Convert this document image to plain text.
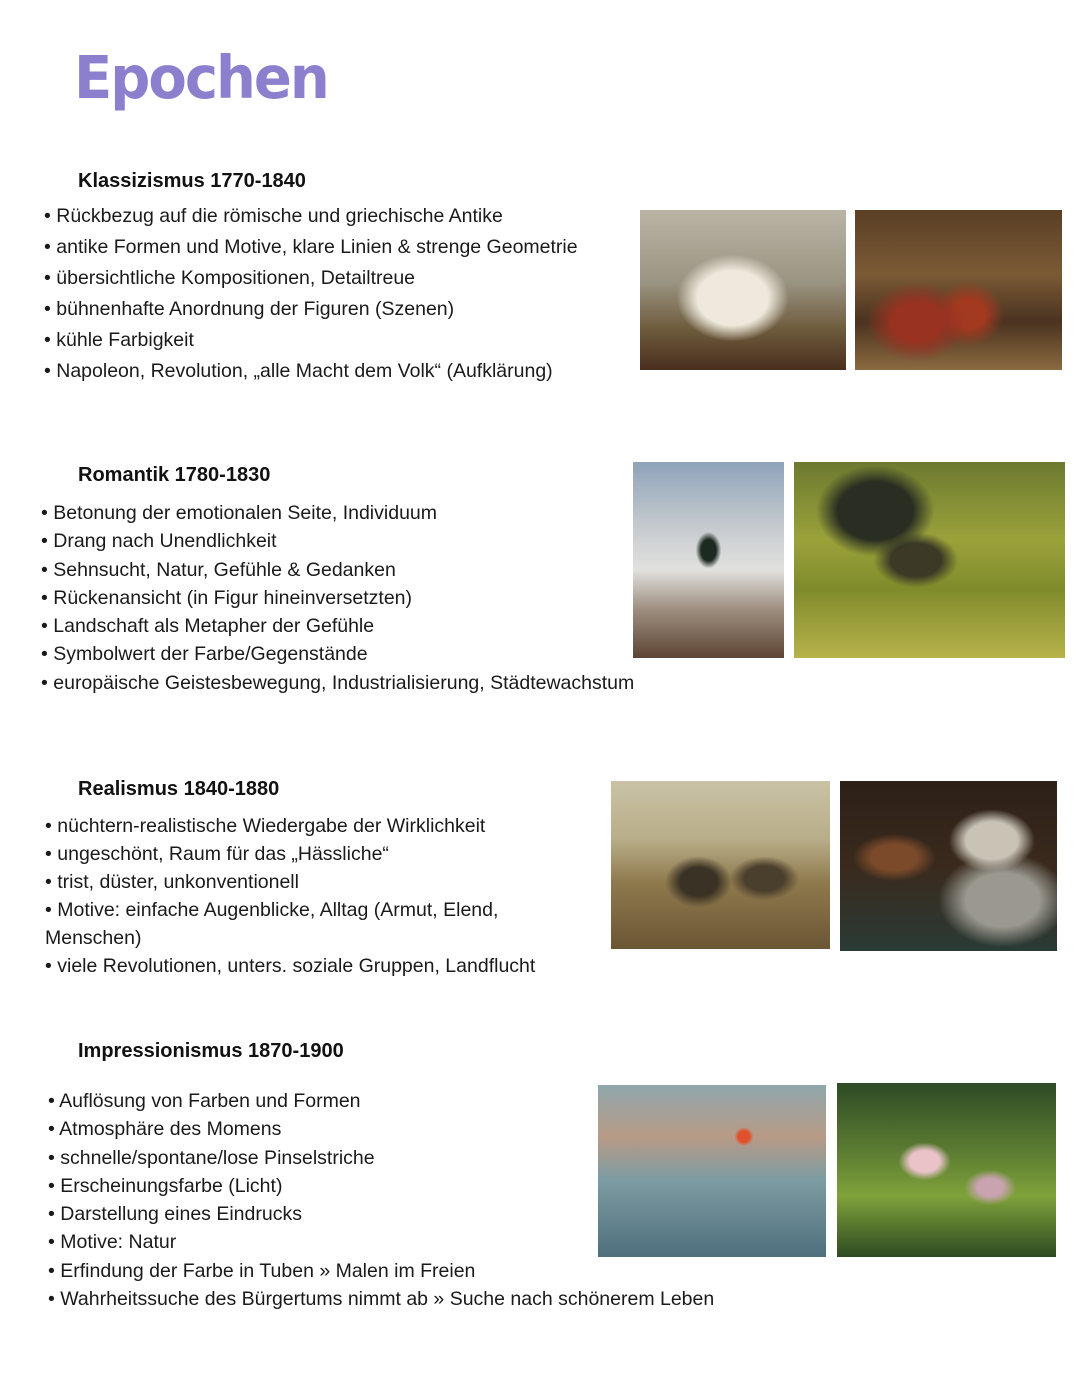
Epochen
Klassizismus 1770-1840
• Rückbezug auf die römische und griechische Antike
• antike Formen und Motive, klare Linien & strenge Geometrie
• übersichtliche Kompositionen, Detailtreue
• bühnenhafte Anordnung der Figuren (Szenen)
• kühle Farbigkeit
• Napoleon, Revolution, „alle Macht dem Volk“ (Aufklärung)
Romantik 1780-1830
• Betonung der emotionalen Seite, Individuum
• Drang nach Unendlichkeit
• Sehnsucht, Natur, Gefühle & Gedanken
• Rückenansicht (in Figur hineinversetzten)
• Landschaft als Metapher der Gefühle
• Symbolwert der Farbe/Gegenstände
• europäische Geistesbewegung, Industrialisierung, Städtewachstum
Realismus 1840-1880
• nüchtern-realistische Wiedergabe der Wirklichkeit
• ungeschönt, Raum für das „Hässliche“
• trist, düster, unkonventionell
• Motive: einfache Augenblicke, Alltag (Armut, Elend, Menschen)
• viele Revolutionen, unters. soziale Gruppen, Landflucht
Impressionismus 1870-1900
• Auflösung von Farben und Formen
• Atmosphäre des Momens
• schnelle/spontane/lose Pinselstriche
• Erscheinungsfarbe (Licht)
• Darstellung eines Eindrucks
• Motive: Natur
• Erfindung der Farbe in Tuben » Malen im Freien
• Wahrheitssuche des Bürgertums nimmt ab » Suche nach schönerem Leben
